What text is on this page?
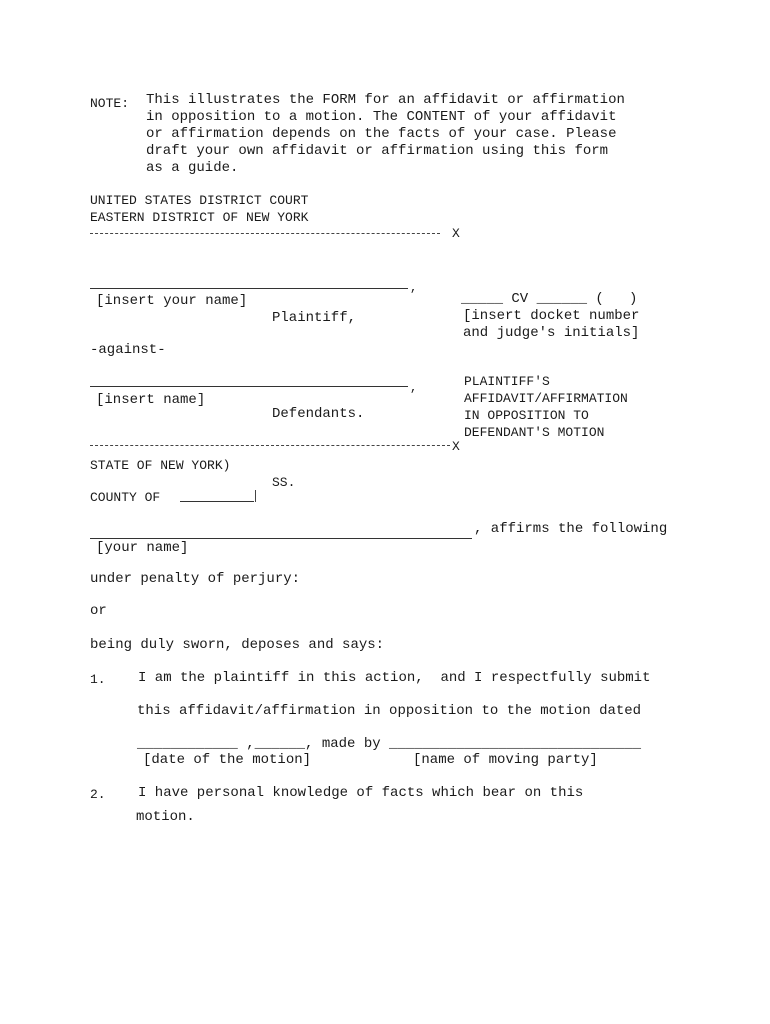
NOTE: This illustrates the FORM for an affidavit or affirmation
in opposition to a motion. The CONTENT of your affidavit
or affirmation depends on the facts of your case. Please
draft your own affidavit or affirmation using this form
as a guide.
UNITED STATES DISTRICT COURT
EASTERN DISTRICT OF NEW YORK
X
,
[insert your name]
Plaintiff,
_____ CV ______ (   )
[insert docket number
and judge's initials]
-against-
,
[insert name]
Defendants.
PLAINTIFF'S
AFFIDAVIT/AFFIRMATION
IN OPPOSITION TO
DEFENDANT'S MOTION
X
STATE OF NEW YORK)
SS.
COUNTY OF
, affirms the following
[your name]
under penalty of perjury:
or
being duly sworn, deposes and says:
1. I am the plaintiff in this action,  and I respectfully submit
this affidavit/affirmation in opposition to the motion dated
____________ ,______, made by ______________________________
[date of the motion]	[name of moving party]
2. I have personal knowledge of facts which bear on this
motion.
